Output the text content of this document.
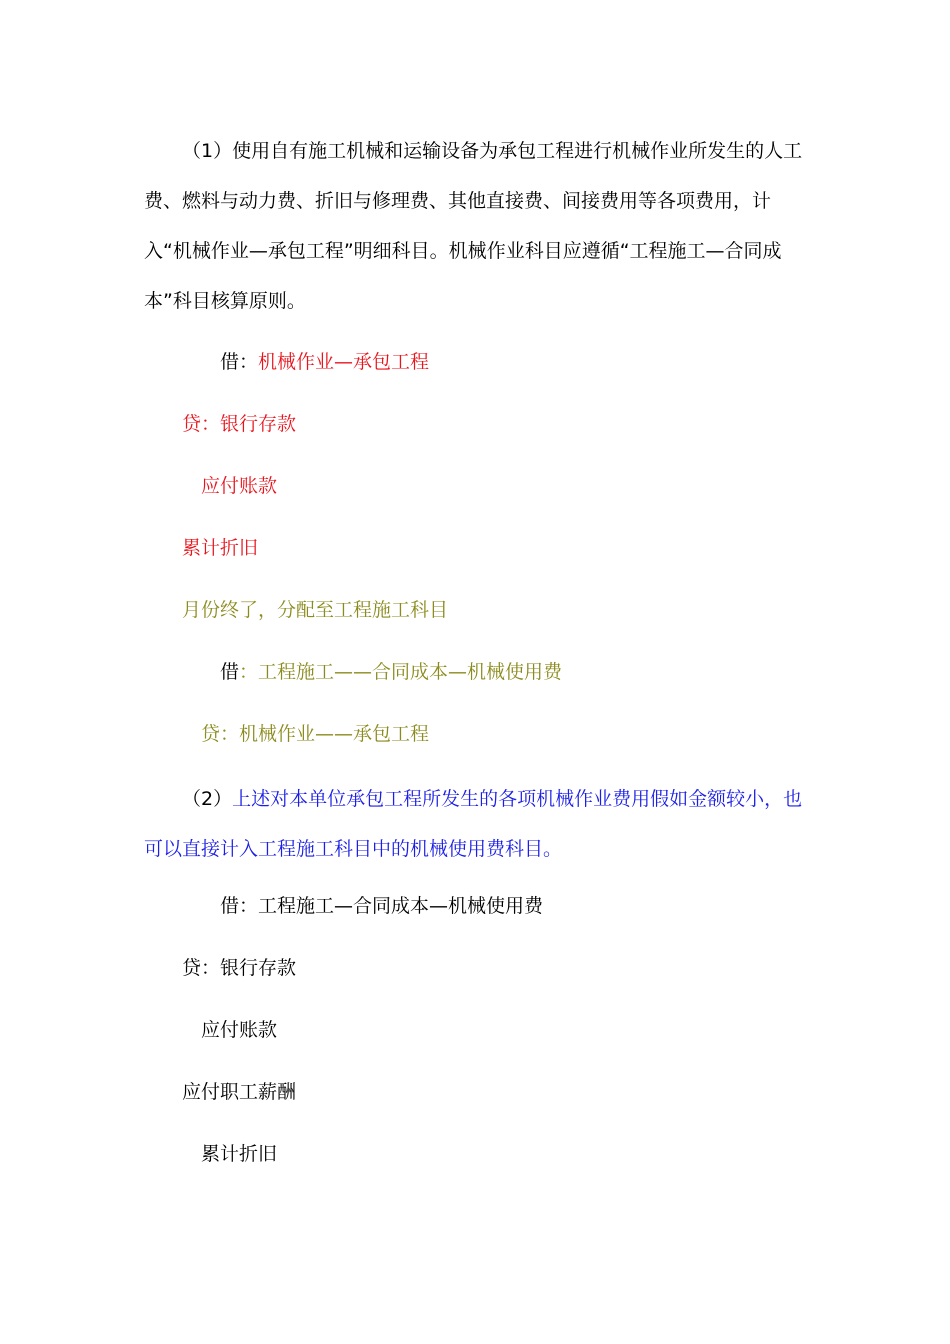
（1）使用自有施工机械和运输设备为承包工程进行机械作业所发生的人工费、燃料与动力费、折旧与修理费、其他直接费、间接费用等各项费用，计入“机械作业—承包工程”明细科目。机械作业科目应遵循“工程施工—合同成本”科目核算原则。

借：机械作业—承包工程
贷：银行存款
应付账款
累计折旧
月份终了，分配至工程施工科目
借：工程施工——合同成本—机械使用费
贷：机械作业——承包工程

（2）上述对本单位承包工程所发生的各项机械作业费用假如金额较小，也可以直接计入工程施工科目中的机械使用费科目。

借：工程施工—合同成本—机械使用费
贷：银行存款
应付账款
应付职工薪酬
累计折旧
